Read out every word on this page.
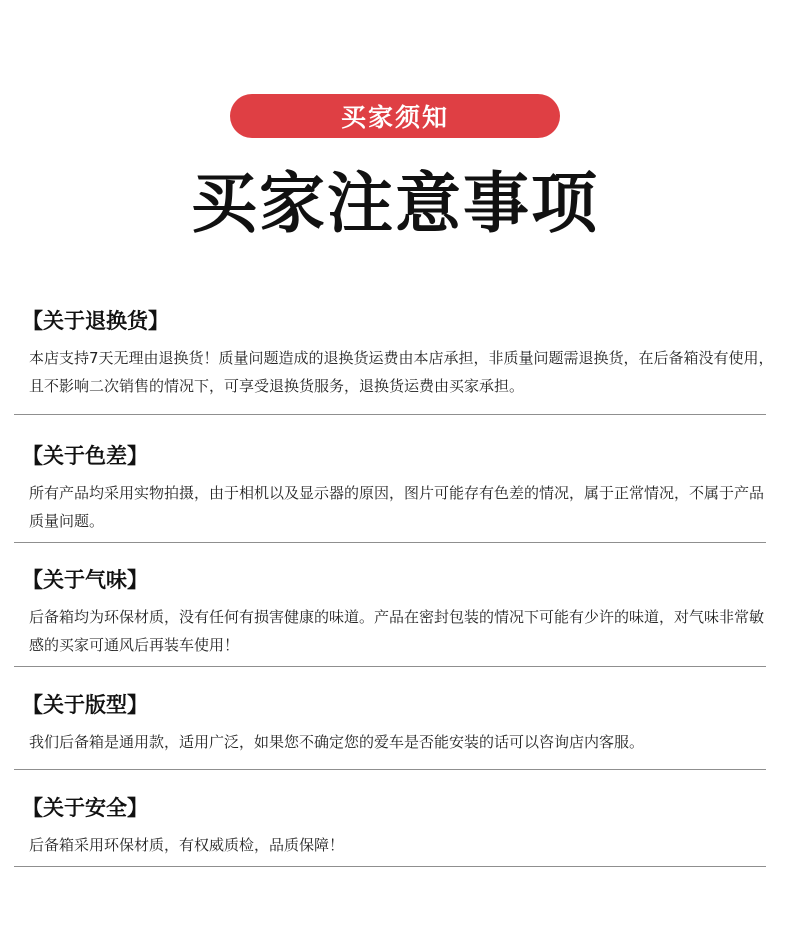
买家须知
买家注意事项
【关于退换货】
本店支持7天无理由退换货！质量问题造成的退换货运费由本店承担，非质量问题需退换货，在后备箱没有使用，且不影响二次销售的情况下，可享受退换货服务，退换货运费由买家承担。
【关于色差】
所有产品均采用实物拍摄，由于相机以及显示器的原因，图片可能存有色差的情况，属于正常情况，不属于产品质量问题。
【关于气味】
后备箱均为环保材质，没有任何有损害健康的味道。产品在密封包装的情况下可能有少许的味道，对气味非常敏感的买家可通风后再装车使用！
【关于版型】
我们后备箱是通用款，适用广泛，如果您不确定您的爱车是否能安装的话可以咨询店内客服。
【关于安全】
后备箱采用环保材质，有权威质检，品质保障！
